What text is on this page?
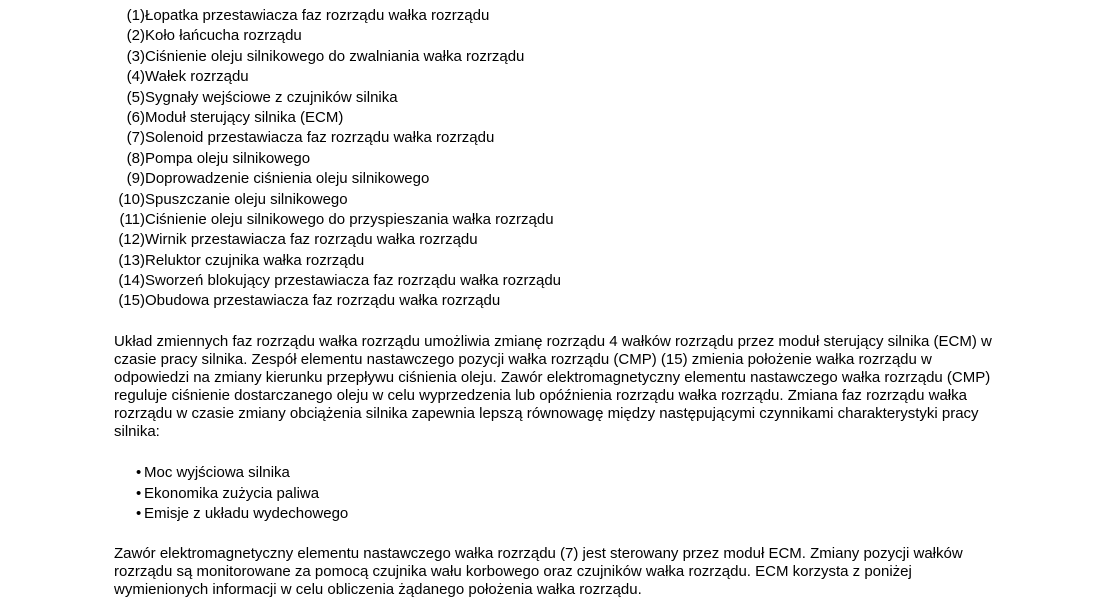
(1) Łopatka przestawiacza faz rozrządu wałka rozrządu
(2) Koło łańcucha rozrządu
(3) Ciśnienie oleju silnikowego do zwalniania wałka rozrządu
(4) Wałek rozrządu
(5) Sygnały wejściowe z czujników silnika
(6) Moduł sterujący silnika (ECM)
(7) Solenoid przestawiacza faz rozrządu wałka rozrządu
(8) Pompa oleju silnikowego
(9) Doprowadzenie ciśnienia oleju silnikowego
(10) Spuszczanie oleju silnikowego
(11) Ciśnienie oleju silnikowego do przyspieszania wałka rozrządu
(12) Wirnik przestawiacza faz rozrządu wałka rozrządu
(13) Reluktor czujnika wałka rozrządu
(14) Sworzeń blokujący przestawiacza faz rozrządu wałka rozrządu
(15) Obudowa przestawiacza faz rozrządu wałka rozrządu

Układ zmiennych faz rozrządu wałka rozrządu umożliwia zmianę rozrządu 4 wałków rozrządu przez moduł sterujący silnika (ECM) w czasie pracy silnika. Zespół elementu nastawczego pozycji wałka rozrządu (CMP) (15) zmienia położenie wałka rozrządu w odpowiedzi na zmiany kierunku przepływu ciśnienia oleju. Zawór elektromagnetyczny elementu nastawczego wałka rozrządu (CMP) reguluje ciśnienie dostarczanego oleju w celu wyprzedzenia lub opóźnienia rozrządu wałka rozrządu. Zmiana faz rozrządu wałka rozrządu w czasie zmiany obciążenia silnika zapewnia lepszą równowagę między następującymi czynnikami charakterystyki pracy silnika:

• Moc wyjściowa silnika
• Ekonomika zużycia paliwa
• Emisje z układu wydechowego

Zawór elektromagnetyczny elementu nastawczego wałka rozrządu (7) jest sterowany przez moduł ECM. Zmiany pozycji wałków rozrządu są monitorowane za pomocą czujnika wału korbowego oraz czujników wałka rozrządu. ECM korzysta z poniżej wymienionych informacji w celu obliczenia żądanego położenia wałka rozrządu.
